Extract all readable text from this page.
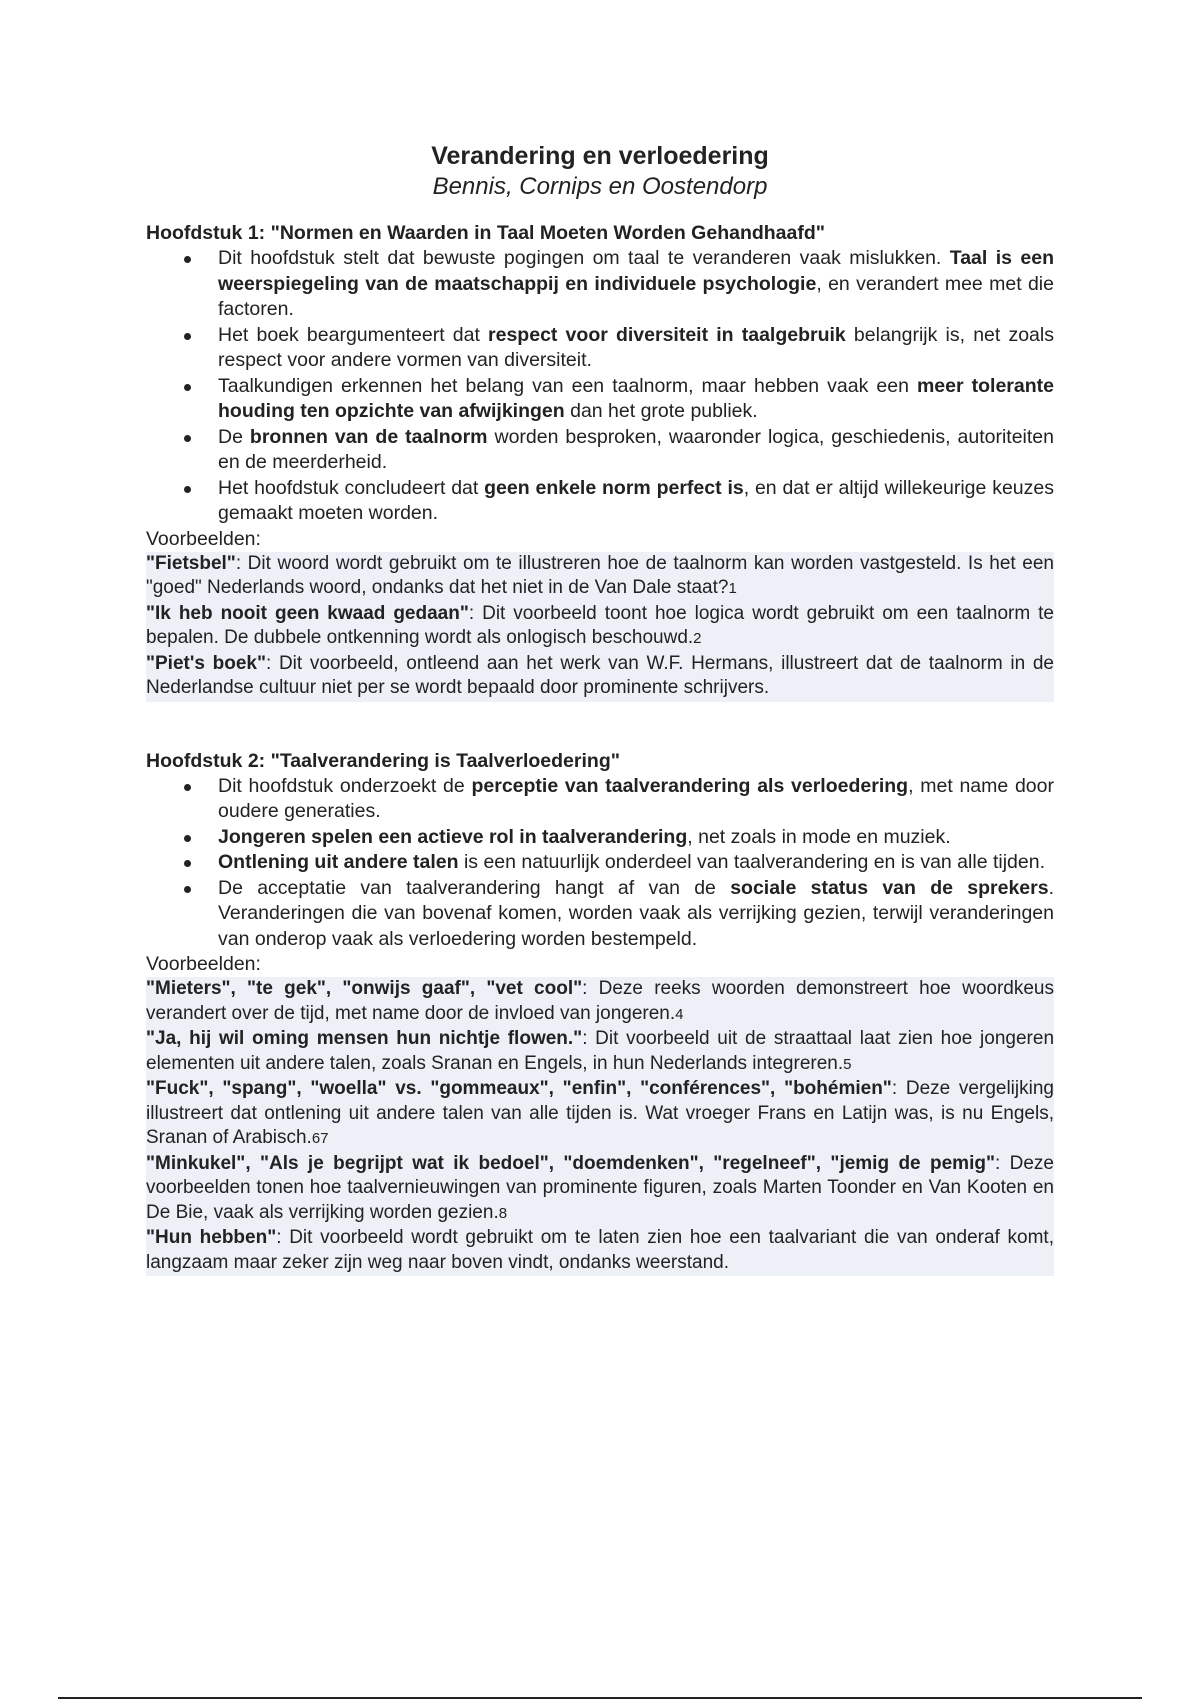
Verandering en verloedering
Bennis, Cornips en Oostendorp
Hoofdstuk 1: "Normen en Waarden in Taal Moeten Worden Gehandhaafd"
Dit hoofdstuk stelt dat bewuste pogingen om taal te veranderen vaak mislukken. Taal is een weerspiegeling van de maatschappij en individuele psychologie, en verandert mee met die factoren.
Het boek beargumenteert dat respect voor diversiteit in taalgebruik belangrijk is, net zoals respect voor andere vormen van diversiteit.
Taalkundigen erkennen het belang van een taalnorm, maar hebben vaak een meer tolerante houding ten opzichte van afwijkingen dan het grote publiek.
De bronnen van de taalnorm worden besproken, waaronder logica, geschiedenis, autoriteiten en de meerderheid.
Het hoofdstuk concludeert dat geen enkele norm perfect is, en dat er altijd willekeurige keuzes gemaakt moeten worden.
Voorbeelden:
"Fietsbel": Dit woord wordt gebruikt om te illustreren hoe de taalnorm kan worden vastgesteld. Is het een "goed" Nederlands woord, ondanks dat het niet in de Van Dale staat?1
"Ik heb nooit geen kwaad gedaan": Dit voorbeeld toont hoe logica wordt gebruikt om een taalnorm te bepalen. De dubbele ontkenning wordt als onlogisch beschouwd.2
"Piet's boek": Dit voorbeeld, ontleend aan het werk van W.F. Hermans, illustreert dat de taalnorm in de Nederlandse cultuur niet per se wordt bepaald door prominente schrijvers.
Hoofdstuk 2: "Taalverandering is Taalverloedering"
Dit hoofdstuk onderzoekt de perceptie van taalverandering als verloedering, met name door oudere generaties.
Jongeren spelen een actieve rol in taalverandering, net zoals in mode en muziek.
Ontlening uit andere talen is een natuurlijk onderdeel van taalverandering en is van alle tijden.
De acceptatie van taalverandering hangt af van de sociale status van de sprekers. Veranderingen die van bovenaf komen, worden vaak als verrijking gezien, terwijl veranderingen van onderop vaak als verloedering worden bestempeld.
Voorbeelden:
"Mieters", "te gek", "onwijs gaaf", "vet cool": Deze reeks woorden demonstreert hoe woordkeus verandert over de tijd, met name door de invloed van jongeren.4
"Ja, hij wil oming mensen hun nichtje flowen.": Dit voorbeeld uit de straattaal laat zien hoe jongeren elementen uit andere talen, zoals Sranan en Engels, in hun Nederlands integreren.5
"Fuck", "spang", "woella" vs. "gommeaux", "enfin", "conférences", "bohémien": Deze vergelijking illustreert dat ontlening uit andere talen van alle tijden is. Wat vroeger Frans en Latijn was, is nu Engels, Sranan of Arabisch.67
"Minkukel", "Als je begrijpt wat ik bedoel", "doemdenken", "regelneef", "jemig de pemig": Deze voorbeelden tonen hoe taalvernieuwingen van prominente figuren, zoals Marten Toonder en Van Kooten en De Bie, vaak als verrijking worden gezien.8
"Hun hebben": Dit voorbeeld wordt gebruikt om te laten zien hoe een taalvariant die van onderaf komt, langzaam maar zeker zijn weg naar boven vindt, ondanks weerstand.
